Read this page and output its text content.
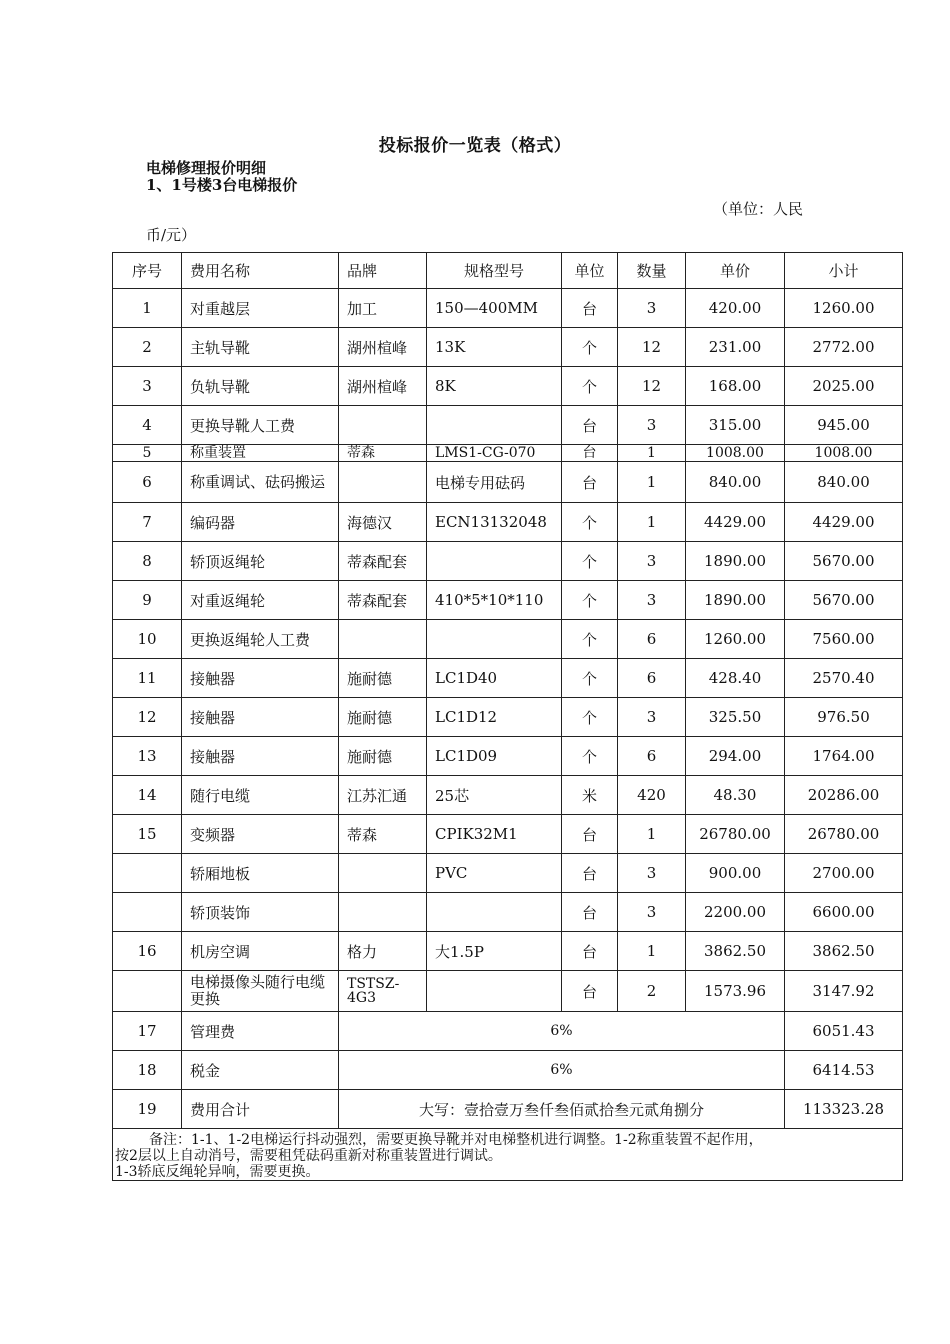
投标报价一览表（格式）
电梯修理报价明细
1、1号楼3台电梯报价
（单位：人民
币/元）
序号	费用名称	品牌	规格型号	单位	数量	单价	小计
1	对重越层	加工	150—400MM	台	3	420.00	1260.00
2	主轨导靴	湖州楦峰	13K	个	12	231.00	2772.00
3	负轨导靴	湖州楦峰	8K	个	12	168.00	2025.00
4	更换导靴人工费			台	3	315.00	945.00
5	称重装置	蒂森	LMS1-CG-070	台	1	1008.00	1008.00
6	称重调试、砝码搬运		电梯专用砝码	台	1	840.00	840.00
7	编码器	海德汉	ECN13132048	个	1	4429.00	4429.00
8	轿顶返绳轮	蒂森配套		个	3	1890.00	5670.00
9	对重返绳轮	蒂森配套	410*5*10*110	个	3	1890.00	5670.00
10	更换返绳轮人工费			个	6	1260.00	7560.00
11	接触器	施耐德	LC1D40	个	6	428.40	2570.40
12	接触器	施耐德	LC1D12	个	3	325.50	976.50
13	接触器	施耐德	LC1D09	个	6	294.00	1764.00
14	随行电缆	江苏汇通	25芯	米	420	48.30	20286.00
15	变频器	蒂森	CPIK32M1	台	1	26780.00	26780.00
	轿厢地板		PVC	台	3	900.00	2700.00
	轿顶装饰			台	3	2200.00	6600.00
16	机房空调	格力	大1.5P	台	1	3862.50	3862.50
	电梯摄像头随行电缆更换	TSTSZ-4G3		台	2	1573.96	3147.92
17	管理费	6%					6051.43
18	税金	6%					6414.53
19	费用合计	大写：壹拾壹万叁仟叁佰贰拾叁元贰角捌分					113323.28

备注：1-1、1-2电梯运行抖动强烈，需要更换导靴并对电梯整机进行调整。1-2称重装置不起作用，
按2层以上自动消号，需要租凭砝码重新对称重装置进行调试。
1-3轿底反绳轮异响，需要更换。							
